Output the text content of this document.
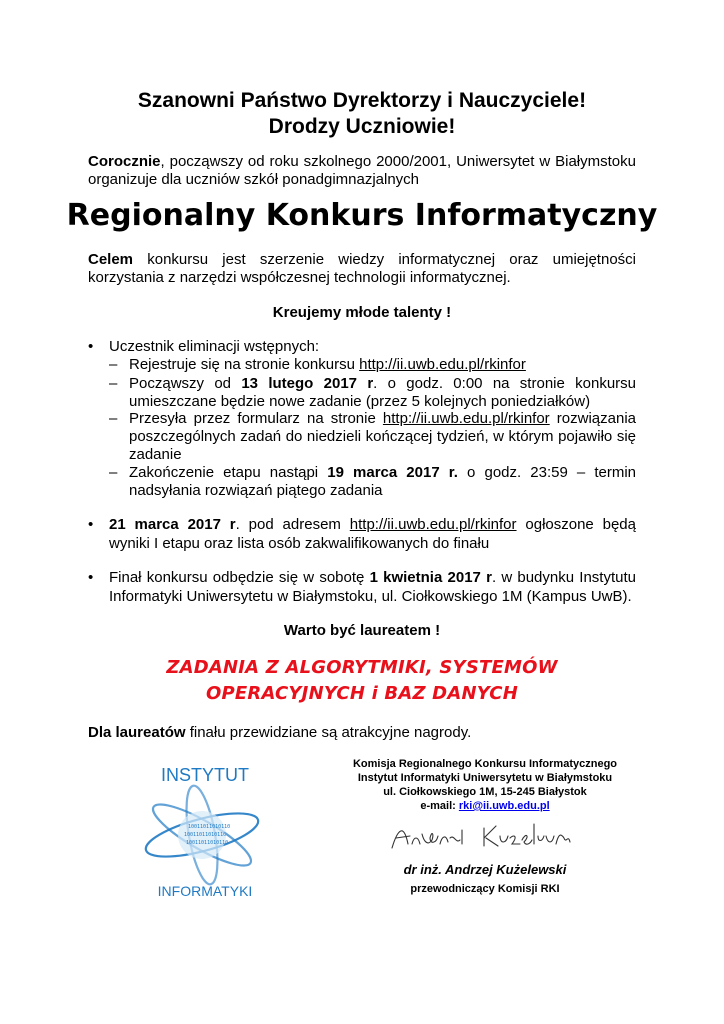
Szanowni Państwo Dyrektorzy i Nauczyciele!

Drodzy Uczniowie!

Corocznie, począwszy od roku szkolnego 2000/2001, Uniwersytet w Białymstoku organizuje dla uczniów szkół ponadgimnazjalnych

Regionalny Konkurs Informatyczny

Celem konkursu jest szerzenie wiedzy informatycznej oraz umiejętności korzystania z narzędzi współczesnej technologii informatycznej.

Kreujemy młode talenty !

•	Uczestnik eliminacji wstępnych:
– Rejestruje się na stronie konkursu http://ii.uwb.edu.pl/rkinfor
– Począwszy od 13 lutego 2017 r. o godz. 0:00 na stronie konkursu umieszczane będzie nowe zadanie (przez 5 kolejnych poniedziałków)
– Przesyła przez formularz na stronie http://ii.uwb.edu.pl/rkinfor rozwiązania poszczególnych zadań do niedzieli kończącej tydzień, w którym pojawiło się zadanie
– Zakończenie etapu nastąpi 19 marca 2017 r. o godz. 23:59 – termin nadsyłania rozwiązań piątego zadania
•	21 marca 2017 r. pod adresem http://ii.uwb.edu.pl/rkinfor ogłoszone będą wyniki I etapu oraz lista osób zakwalifikowanych do finału
•	Finał konkursu odbędzie się w sobotę 1 kwietnia 2017 r. w budynku Instytutu Informatyki Uniwersytetu w Białymstoku, ul. Ciołkowskiego 1M (Kampus UwB).

Warto być laureatem !

ZADANIA Z ALGORYTMIKI, SYSTEMÓW

OPERACYJNYCH i BAZ DANYCH

Dla laureatów finału przewidziane są atrakcyjne nagrody.

INSTYTUT
10011011010110
10011011010110
10011011010110
INFORMATYKI

Komisja Regionalnego Konkursu Informatycznego

Instytut Informatyki Uniwersytetu w Białymstoku

ul. Ciołkowskiego 1M, 15-245 Białystok

e-mail: rki@ii.uwb.edu.pl

dr inż. Andrzej Kużelewski

przewodniczący Komisji RKI
